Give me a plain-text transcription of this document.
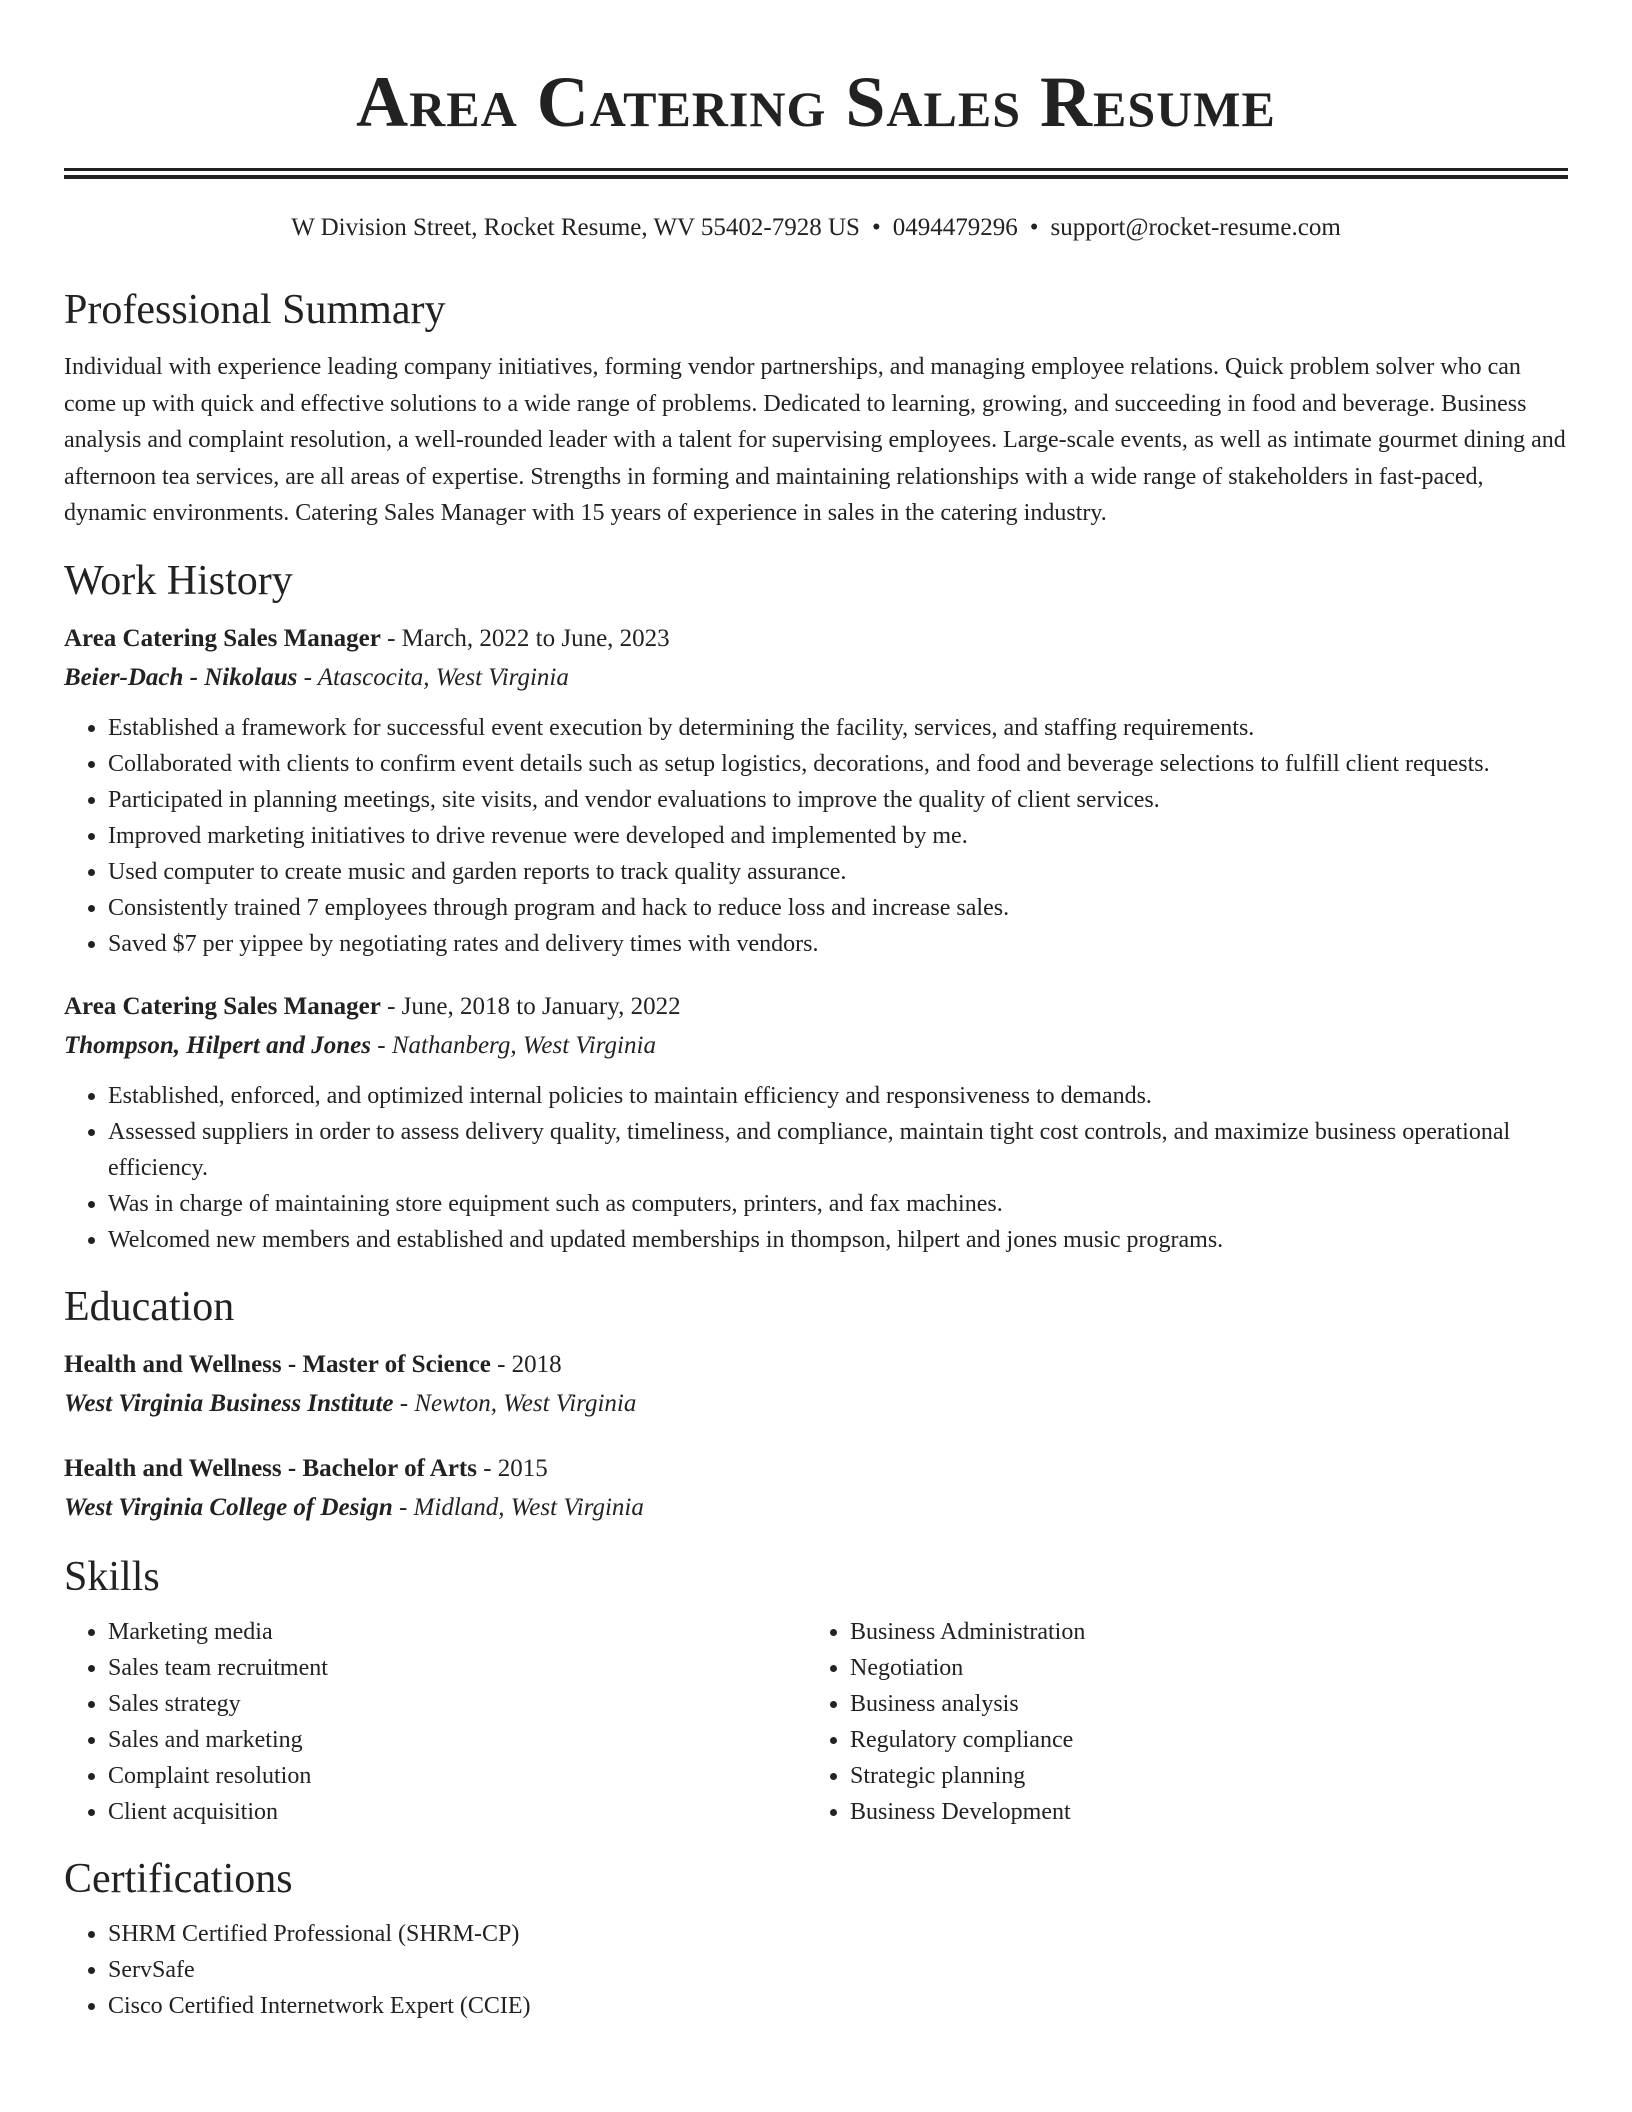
Area Catering Sales Resume
W Division Street, Rocket Resume, WV 55402-7928 US • 0494479296 • support@rocket-resume.com
Professional Summary

Individual with experience leading company initiatives, forming vendor partnerships, and managing employee relations. Quick problem solver who can come up with quick and effective solutions to a wide range of problems. Dedicated to learning, growing, and succeeding in food and beverage. Business analysis and complaint resolution, a well-rounded leader with a talent for supervising employees. Large-scale events, as well as intimate gourmet dining and afternoon tea services, are all areas of expertise. Strengths in forming and maintaining relationships with a wide range of stakeholders in fast-paced, dynamic environments. Catering Sales Manager with 15 years of experience in sales in the catering industry.

Work History
Area Catering Sales Manager - March, 2022 to June, 2023
Beier-Dach - Nikolaus - Atascocita, West Virginia
• Established a framework for successful event execution by determining the facility, services, and staffing requirements.
• Collaborated with clients to confirm event details such as setup logistics, decorations, and food and beverage selections to fulfill client requests.
• Participated in planning meetings, site visits, and vendor evaluations to improve the quality of client services.
• Improved marketing initiatives to drive revenue were developed and implemented by me.
• Used computer to create music and garden reports to track quality assurance.
• Consistently trained 7 employees through program and hack to reduce loss and increase sales.
• Saved $7 per yippee by negotiating rates and delivery times with vendors.
Area Catering Sales Manager - June, 2018 to January, 2022
Thompson, Hilpert and Jones - Nathanberg, West Virginia
• Established, enforced, and optimized internal policies to maintain efficiency and responsiveness to demands.
• Assessed suppliers in order to assess delivery quality, timeliness, and compliance, maintain tight cost controls, and maximize business operational efficiency.
• Was in charge of maintaining store equipment such as computers, printers, and fax machines.
• Welcomed new members and established and updated memberships in thompson, hilpert and jones music programs.
Education
Health and Wellness - Master of Science - 2018
West Virginia Business Institute - Newton, West Virginia
Health and Wellness - Bachelor of Arts - 2015
West Virginia College of Design - Midland, West Virginia
Skills
• Marketing media
• Sales team recruitment
• Sales strategy
• Sales and marketing
• Complaint resolution
• Client acquisition
• Business Administration
• Negotiation
• Business analysis
• Regulatory compliance
• Strategic planning
• Business Development
Certifications
• SHRM Certified Professional (SHRM-CP)
• ServSafe
• Cisco Certified Internetwork Expert (CCIE)
